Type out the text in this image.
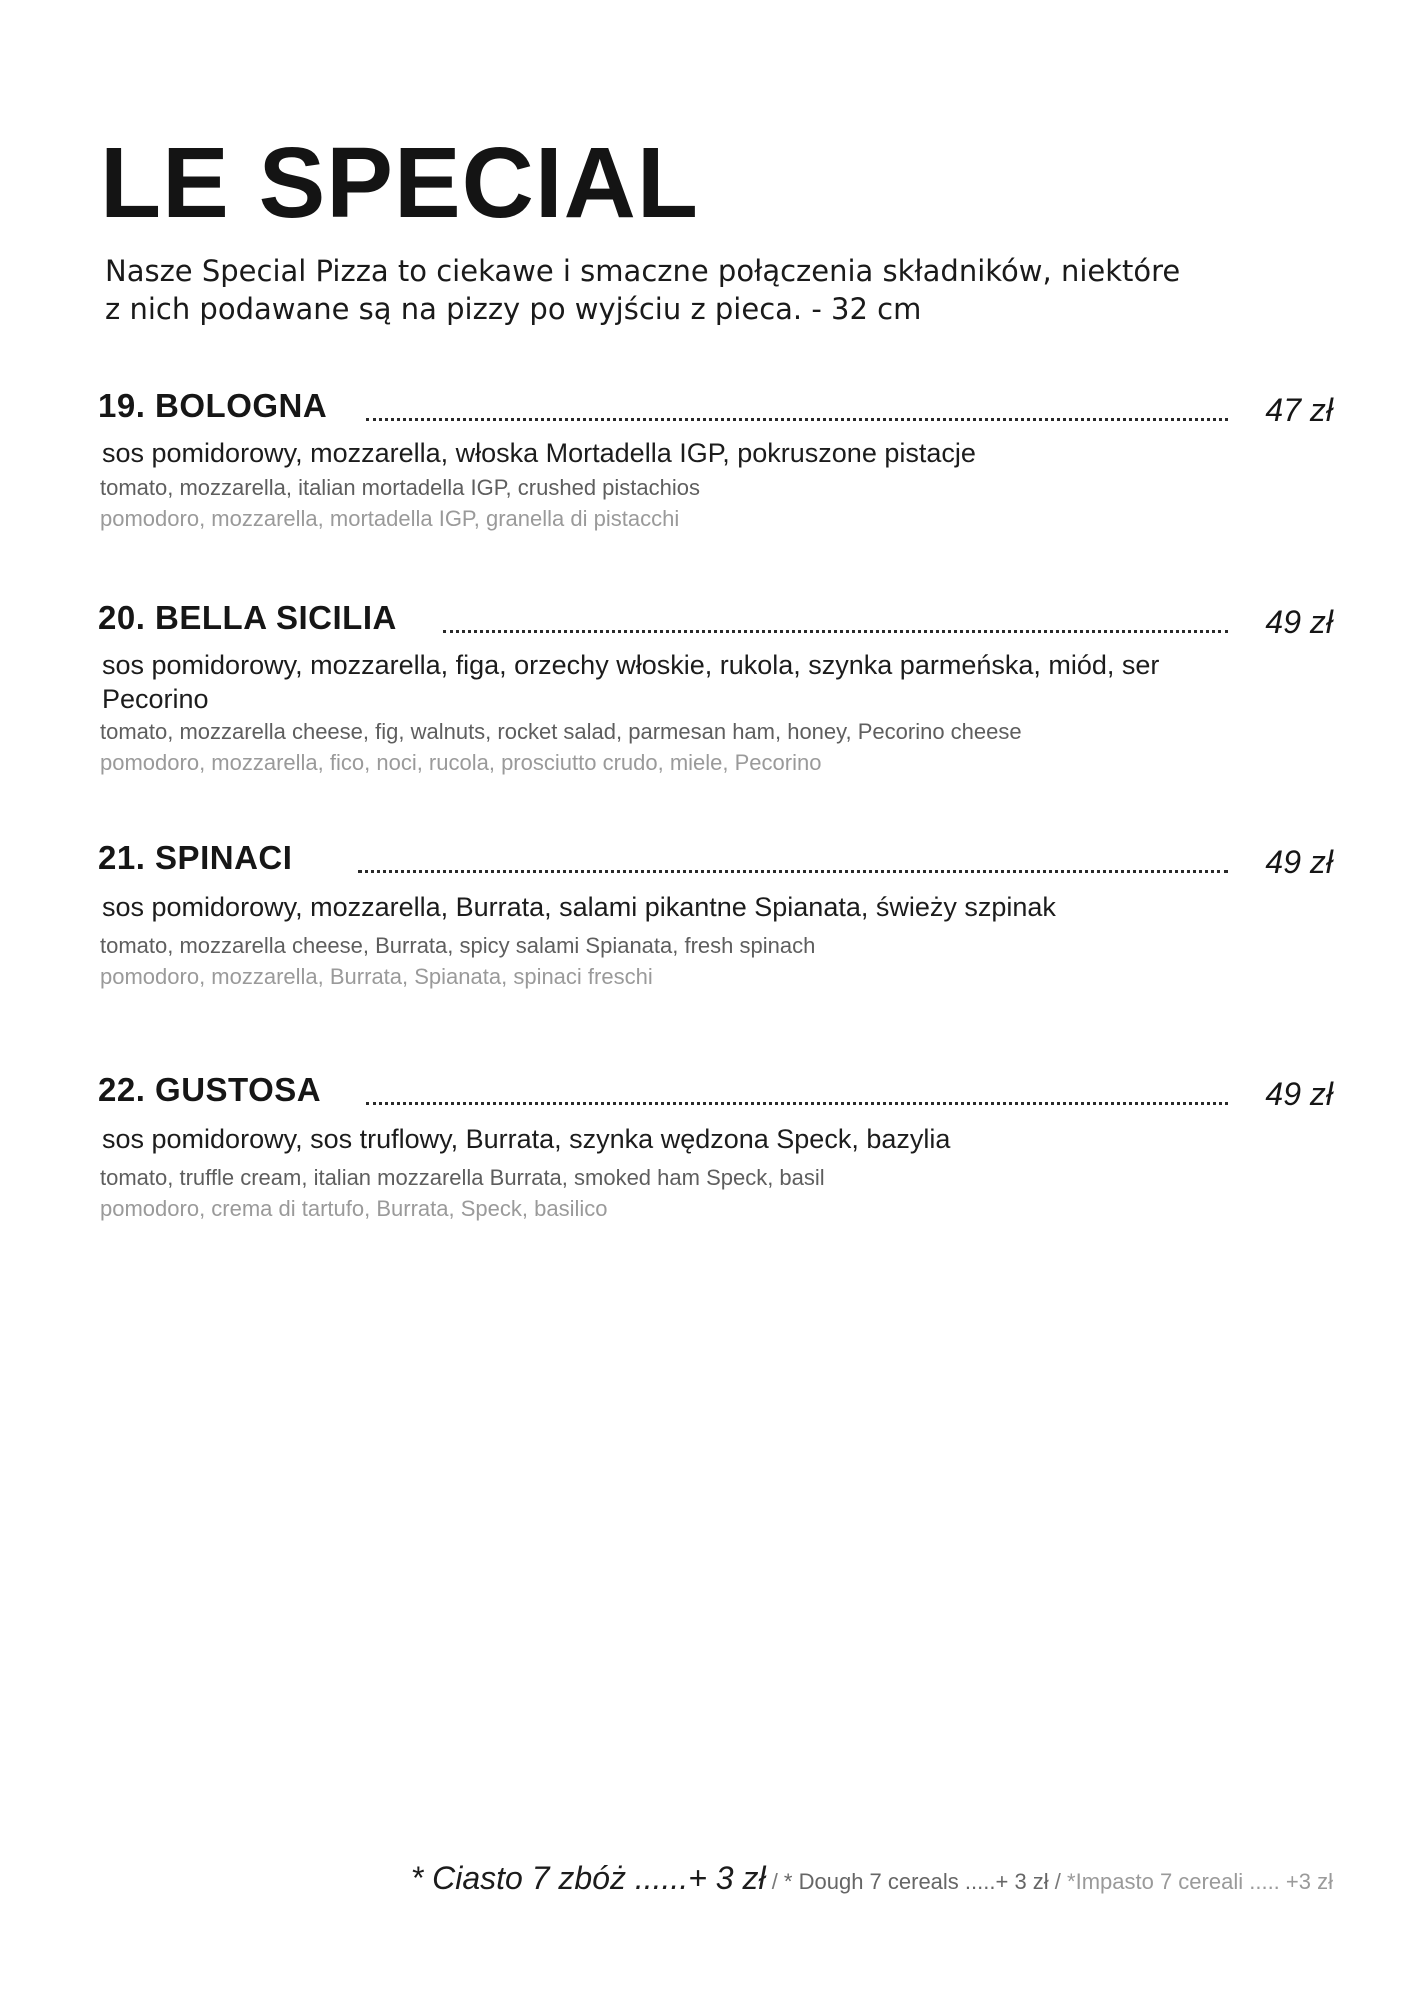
LE SPECIAL

Nasze Special Pizza to ciekawe i smaczne połączenia składników, niektóre
z nich podawane są na pizzy po wyjściu z pieca. - 32 cm

19. BOLOGNA	47 zł

sos pomidorowy, mozzarella, włoska Mortadella IGP, pokruszone pistacje

tomato, mozzarella, italian mortadella IGP, crushed pistachios

pomodoro, mozzarella, mortadella IGP, granella di pistacchi

20. BELLA SICILIA	49 zł

sos pomidorowy, mozzarella, figa, orzechy włoskie, rukola, szynka parmeńska, miód, ser Pecorino

tomato, mozzarella cheese, fig, walnuts, rocket salad, parmesan ham, honey, Pecorino cheese

pomodoro, mozzarella, fico, noci, rucola, prosciutto crudo, miele, Pecorino

21. SPINACI	49 zł

sos pomidorowy, mozzarella, Burrata, salami pikantne Spianata, świeży szpinak

tomato, mozzarella cheese, Burrata, spicy salami Spianata, fresh spinach

pomodoro, mozzarella, Burrata, Spianata, spinaci freschi

22. GUSTOSA	49 zł

sos pomidorowy, sos truflowy, Burrata, szynka wędzona Speck, bazylia

tomato, truffle cream, italian mozzarella Burrata, smoked ham Speck, basil

pomodoro, crema di tartufo, Burrata, Speck, basilico

* Ciasto 7 zbóż ......+ 3 zł / * Dough 7 cereals .....+ 3 zł / *Impasto 7 cereali ..... +3 zł
